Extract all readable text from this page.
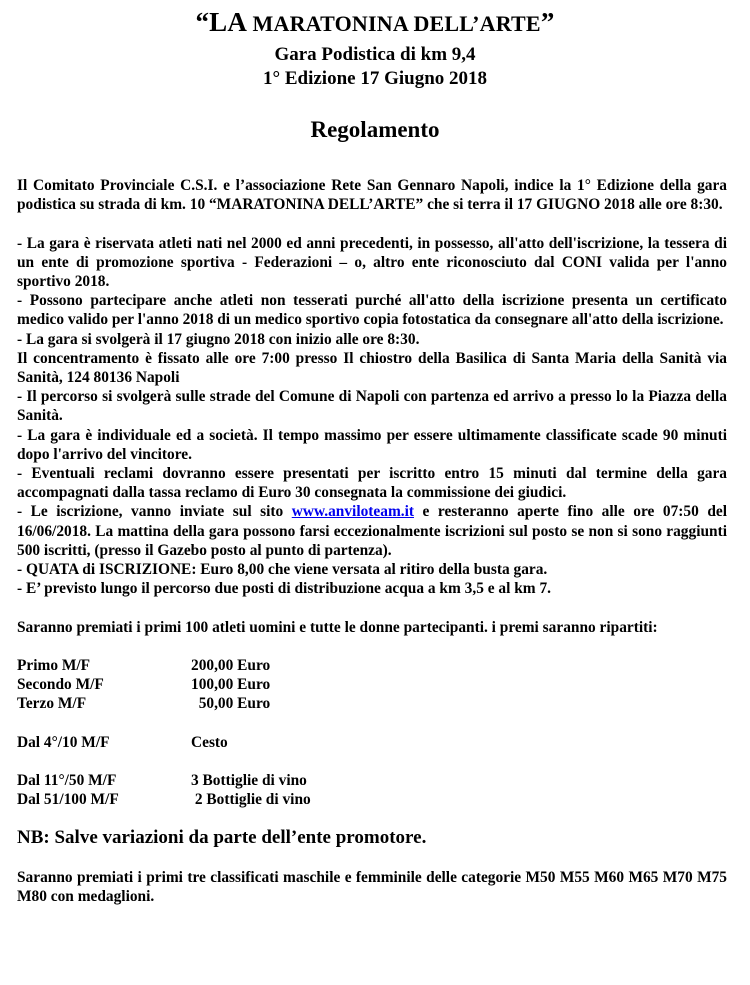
“LA MARATONINA DELL’ARTE”
Gara Podistica di km 9,4
1° Edizione 17 Giugno 2018
Regolamento

Il Comitato Provinciale C.S.I. e l’associazione Rete San Gennaro Napoli, indice la 1° Edizione della gara podistica su strada di km. 10 “MARATONINA DELL’ARTE” che si terra il 17 GIUGNO 2018 alle ore 8:30.

- La gara è riservata atleti nati nel 2000 ed anni precedenti, in possesso, all'atto dell'iscrizione, la tessera di un ente di promozione sportiva - Federazioni – o, altro ente riconosciuto dal CONI valida per l'anno sportivo 2018.

- Possono partecipare anche atleti non tesserati purché all'atto della iscrizione presenta un certificato medico valido per l'anno 2018 di un medico sportivo copia fotostatica da consegnare all'atto della iscrizione.

- La gara si svolgerà il 17 giugno 2018 con inizio alle ore 8:30.

Il concentramento è fissato alle ore 7:00 presso Il chiostro della Basilica di Santa Maria della Sanità via Sanità, 124 80136 Napoli

- Il percorso si svolgerà sulle strade del Comune di Napoli con partenza ed arrivo a presso lo la Piazza della Sanità.

- La gara è individuale ed a società. Il tempo massimo per essere ultimamente classificate scade 90 minuti dopo l'arrivo del vincitore.

- Eventuali reclami dovranno essere presentati per iscritto entro 15 minuti dal termine della gara accompagnati dalla tassa reclamo di Euro 30 consegnata la commissione dei giudici.

- Le iscrizione, vanno inviate sul sito www.anviloteam.it e resteranno aperte fino alle ore 07:50 del 16/06/2018. La mattina della gara possono farsi eccezionalmente iscrizioni sul posto se non si sono raggiunti 500 iscritti, (presso il Gazebo posto al punto di partenza).

- QUATA di ISCRIZIONE: Euro 8,00 che viene versata al ritiro della busta gara.

- E’ previsto lungo il percorso due posti di distribuzione acqua a km 3,5 e al km 7.

Saranno premiati i primi 100 atleti uomini e tutte le donne partecipanti. i premi saranno ripartiti:

Primo M/F	200,00 Euro
Secondo M/F	100,00 Euro
Terzo M/F	50,00 Euro
Dal 4°/10 M/F	Cesto
Dal 11°/50 M/F	3 Bottiglie di vino
Dal 51/100 M/F	2 Bottiglie di vino

NB: Salve variazioni da parte dell’ente promotore.

Saranno premiati i primi tre classificati maschile e femminile delle categorie M50 M55 M60 M65 M70 M75 M80 con medaglioni.
